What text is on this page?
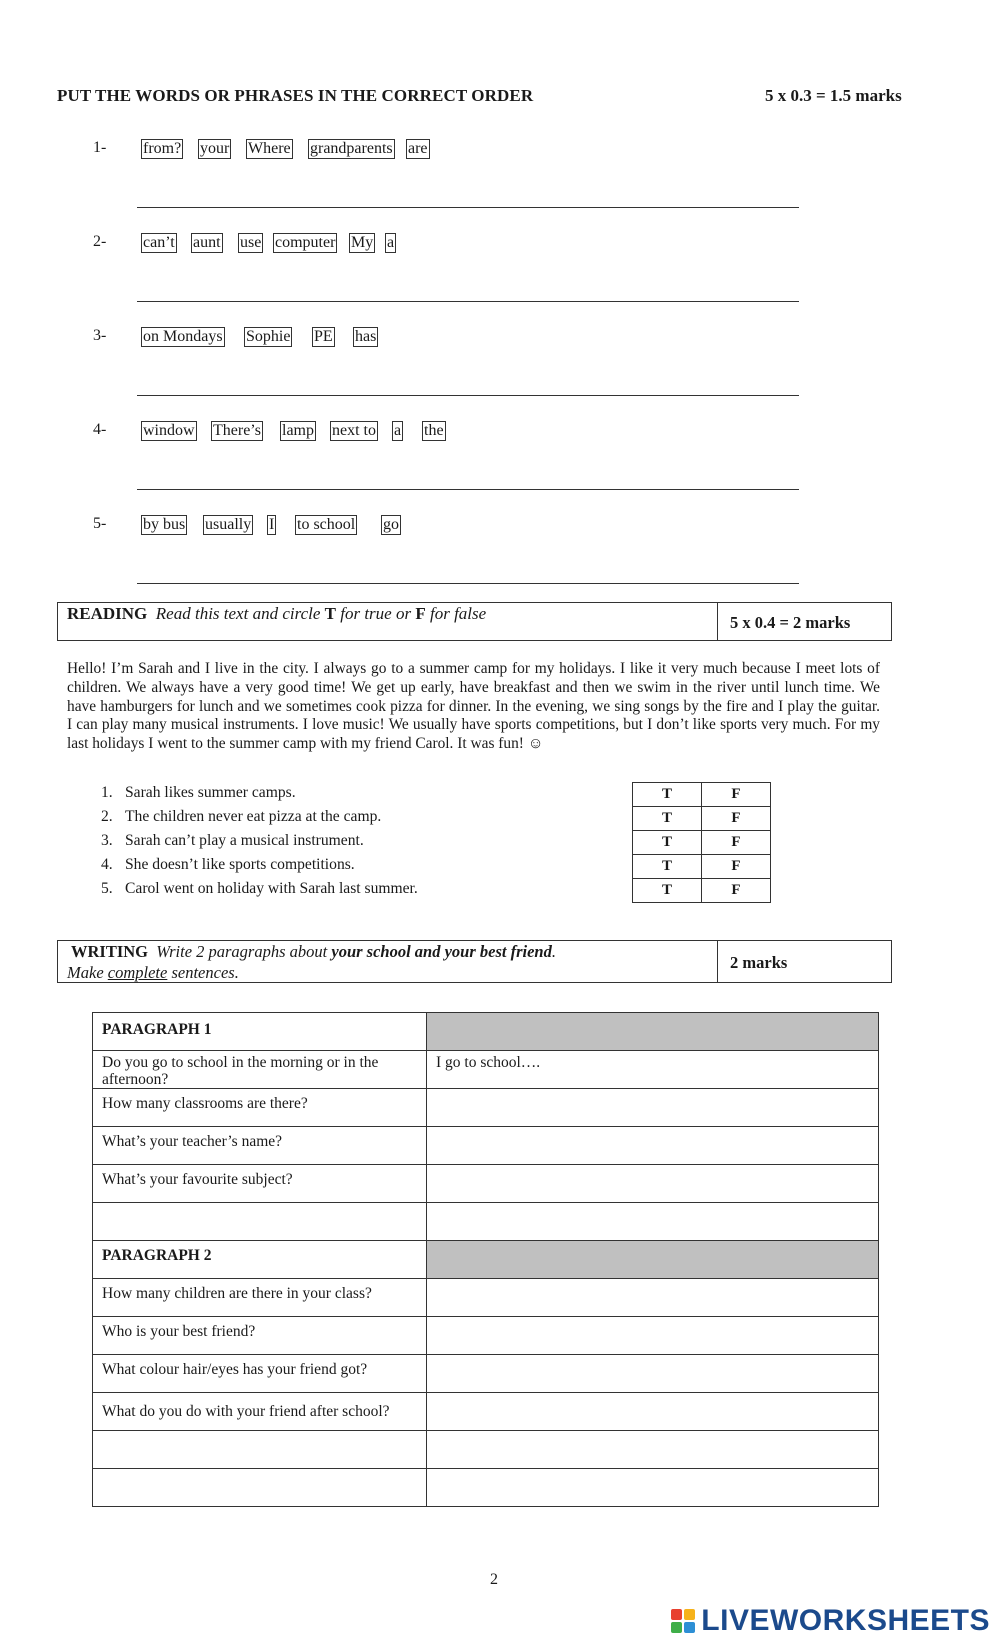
PUT THE WORDS OR PHRASES IN THE CORRECT ORDER	5 x 0.3 = 1.5 marks
1- from? your Where grandparents are
2- can’t aunt use computer My a
3- on Mondays Sophie PE has
4- window There’s lamp next to a the
5- by bus usually I to school go
READING Read this text and circle T for true or F for false	5 x 0.4 = 2 marks
Hello! I’m Sarah and I live in the city. I always go to a summer camp for my holidays. I like it very much because I meet lots of children. We always have a very good time! We get up early, have breakfast and then we swim in the river until lunch time. We have hamburgers for lunch and we sometimes cook pizza for dinner. In the evening, we sing songs by the fire and I play the guitar. I can play many musical instruments. I love music! We usually have sports competitions, but I don’t like sports very much. For my last holidays I went to the summer camp with my friend Carol. It was fun! ☺
1. Sarah likes summer camps.
2. The children never eat pizza at the camp.
3. Sarah can’t play a musical instrument.
4. She doesn’t like sports competitions.
5. Carol went on holiday with Sarah last summer.
T	F
T	F
T	F
T	F
T	F
WRITING Write 2 paragraphs about your school and your best friend.
Make complete sentences.
2 marks
PARAGRAPH 1	
Do you go to school in the morning or in the afternoon?	I go to school….
How many classrooms are there?	
What’s your teacher’s name?	
What’s your favourite subject?	

PARAGRAPH 2	
How many children are there in your class?	
Who is your best friend?	
What colour hair/eyes has your friend got?	
What do you do with your friend after school?	

2
LIVEWORKSHEETS
